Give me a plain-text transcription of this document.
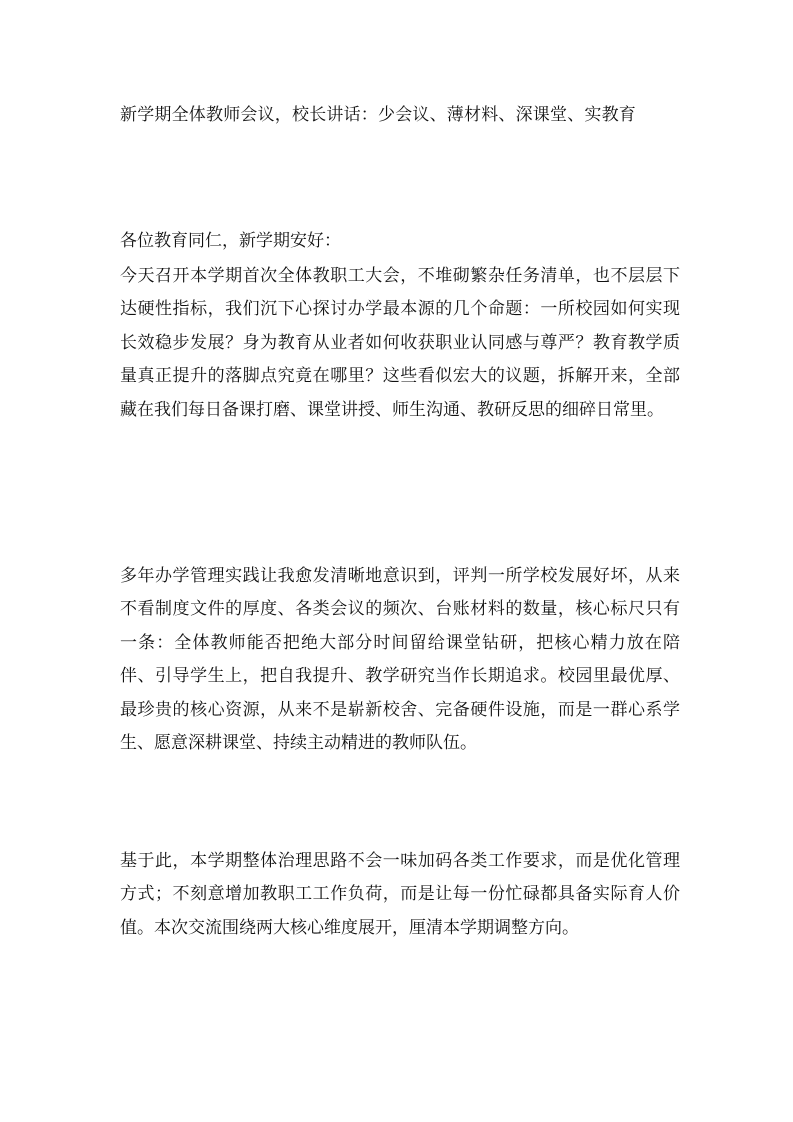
新学期全体教师会议，校长讲话：少会议、薄材料、深课堂、实教育
各位教育同仁，新学期安好：
今天召开本学期首次全体教职工大会，不堆砌繁杂任务清单，也不层层下达硬性指标，我们沉下心探讨办学最本源的几个命题：一所校园如何实现长效稳步发展？身为教育从业者如何收获职业认同感与尊严？教育教学质量真正提升的落脚点究竟在哪里？这些看似宏大的议题，拆解开来，全部藏在我们每日备课打磨、课堂讲授、师生沟通、教研反思的细碎日常里。
多年办学管理实践让我愈发清晰地意识到，评判一所学校发展好坏，从来不看制度文件的厚度、各类会议的频次、台账材料的数量，核心标尺只有一条：全体教师能否把绝大部分时间留给课堂钻研，把核心精力放在陪伴、引导学生上，把自我提升、教学研究当作长期追求。校园里最优厚、最珍贵的核心资源，从来不是崭新校舍、完备硬件设施，而是一群心系学生、愿意深耕课堂、持续主动精进的教师队伍。
基于此，本学期整体治理思路不会一味加码各类工作要求，而是优化管理方式；不刻意增加教职工工作负荷，而是让每一份忙碌都具备实际育人价值。本次交流围绕两大核心维度展开，厘清本学期调整方向。
